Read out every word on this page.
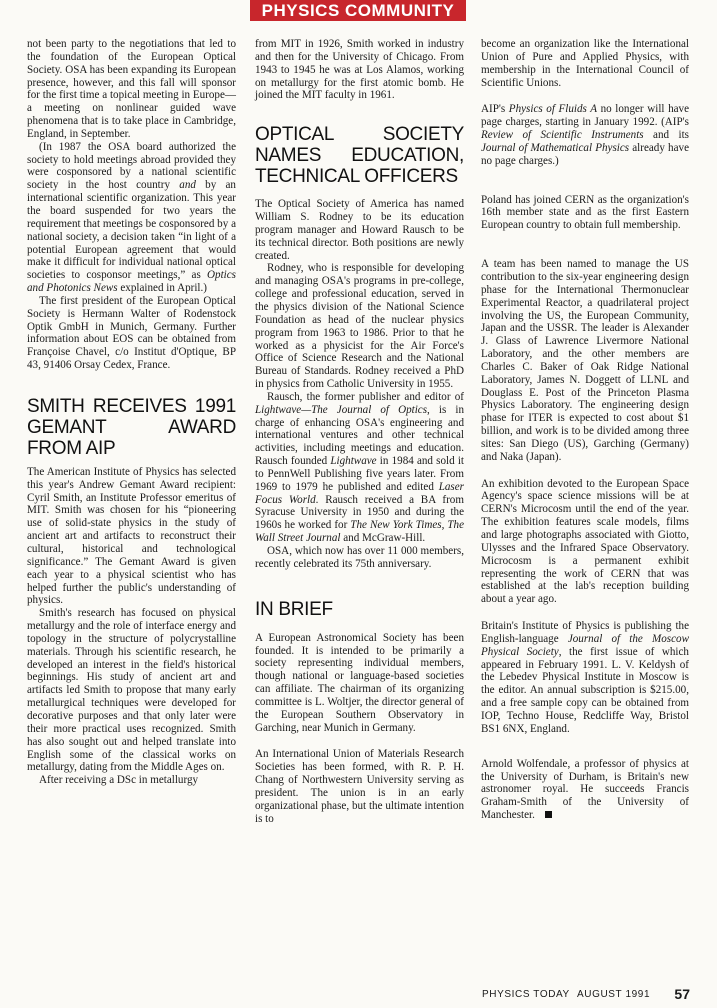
PHYSICS COMMUNITY

not been party to the negotiations that led to the foundation of the European Optical Society. OSA has been expanding its European presence, however, and this fall will sponsor for the first time a topical meeting in Europe—a meeting on nonlinear guided wave phenomena that is to take place in Cambridge, England, in September.

(In 1987 the OSA board authorized the society to hold meetings abroad provided they were cosponsored by a national scientific society in the host country and by an international scientific organization. This year the board suspended for two years the requirement that meetings be cosponsored by a national society, a decision taken “in light of a potential European agreement that would make it difficult for individual national optical societies to cosponsor meetings,” as Optics and Photonics News explained in April.)

The first president of the European Optical Society is Hermann Walter of Rodenstock Optik GmbH in Munich, Germany. Further information about EOS can be obtained from Françoise Chavel, c/o Institut d'Optique, BP 43, 91406 Orsay Cedex, France.

SMITH RECEIVES 1991 GEMANT AWARD FROM AIP

The American Institute of Physics has selected this year's Andrew Gemant Award recipient: Cyril Smith, an Institute Professor emeritus of MIT. Smith was chosen for his “pioneering use of solid-state physics in the study of ancient art and artifacts to reconstruct their cultural, historical and technological significance.” The Gemant Award is given each year to a physical scientist who has helped further the public's understanding of physics.

Smith's research has focused on physical metallurgy and the role of interface energy and topology in the structure of polycrystalline materials. Through his scientific research, he developed an interest in the field's historical beginnings. His study of ancient art and artifacts led Smith to propose that many early metallurgical techniques were developed for decorative purposes and that only later were their more practical uses recognized. Smith has also sought out and helped translate into English some of the classical works on metallurgy, dating from the Middle Ages on.

After receiving a DSc in metallurgy

from MIT in 1926, Smith worked in industry and then for the University of Chicago. From 1943 to 1945 he was at Los Alamos, working on metallurgy for the first atomic bomb. He joined the MIT faculty in 1961.

OPTICAL SOCIETY NAMES EDUCATION, TECHNICAL OFFICERS

The Optical Society of America has named William S. Rodney to be its education program manager and Howard Rausch to be its technical director. Both positions are newly created.

Rodney, who is responsible for developing and managing OSA's programs in pre-college, college and professional education, served in the physics division of the National Science Foundation as head of the nuclear physics program from 1963 to 1986. Prior to that he worked as a physicist for the Air Force's Office of Science Research and the National Bureau of Standards. Rodney received a PhD in physics from Catholic University in 1955.

Rausch, the former publisher and editor of Lightwave—The Journal of Optics, is in charge of enhancing OSA's engineering and international ventures and other technical activities, including meetings and education. Rausch founded Lightwave in 1984 and sold it to PennWell Publishing five years later. From 1969 to 1979 he published and edited Laser Focus World. Rausch received a BA from Syracuse University in 1950 and during the 1960s he worked for The New York Times, The Wall Street Journal and McGraw-Hill.

OSA, which now has over 11 000 members, recently celebrated its 75th anniversary.

IN BRIEF

A European Astronomical Society has been founded. It is intended to be primarily a society representing individual members, though national or language-based societies can affiliate. The chairman of its organizing committee is L. Woltjer, the director general of the European Southern Observatory in Garching, near Munich in Germany.

An International Union of Materials Research Societies has been formed, with R. P. H. Chang of Northwestern University serving as president. The union is in an early organizational phase, but the ultimate intention is to

become an organization like the International Union of Pure and Applied Physics, with membership in the International Council of Scientific Unions.

AIP's Physics of Fluids A no longer will have page charges, starting in January 1992. (AIP's Review of Scientific Instruments and its Journal of Mathematical Physics already have no page charges.)

Poland has joined CERN as the organization's 16th member state and as the first Eastern European country to obtain full membership.

A team has been named to manage the US contribution to the six-year engineering design phase for the International Thermonuclear Experimental Reactor, a quadrilateral project involving the US, the European Community, Japan and the USSR. The leader is Alexander J. Glass of Lawrence Livermore National Laboratory, and the other members are Charles C. Baker of Oak Ridge National Laboratory, James N. Doggett of LLNL and Douglass E. Post of the Princeton Plasma Physics Laboratory. The engineering design phase for ITER is expected to cost about $1 billion, and work is to be divided among three sites: San Diego (US), Garching (Germany) and Naka (Japan).

An exhibition devoted to the European Space Agency's space science missions will be at CERN's Microcosm until the end of the year. The exhibition features scale models, films and large photographs associated with Giotto, Ulysses and the Infrared Space Observatory. Microcosm is a permanent exhibit representing the work of CERN that was established at the lab's reception building about a year ago.

Britain's Institute of Physics is publishing the English-language Journal of the Moscow Physical Society, the first issue of which appeared in February 1991. L. V. Keldysh of the Lebedev Physical Institute in Moscow is the editor. An annual subscription is $215.00, and a free sample copy can be obtained from IOP, Techno House, Redcliffe Way, Bristol BS1 6NX, England.

Arnold Wolfendale, a professor of physics at the University of Durham, is Britain's new astronomer royal. He succeeds Francis Graham-Smith of the University of Manchester.

PHYSICS TODAY AUGUST 1991 57
